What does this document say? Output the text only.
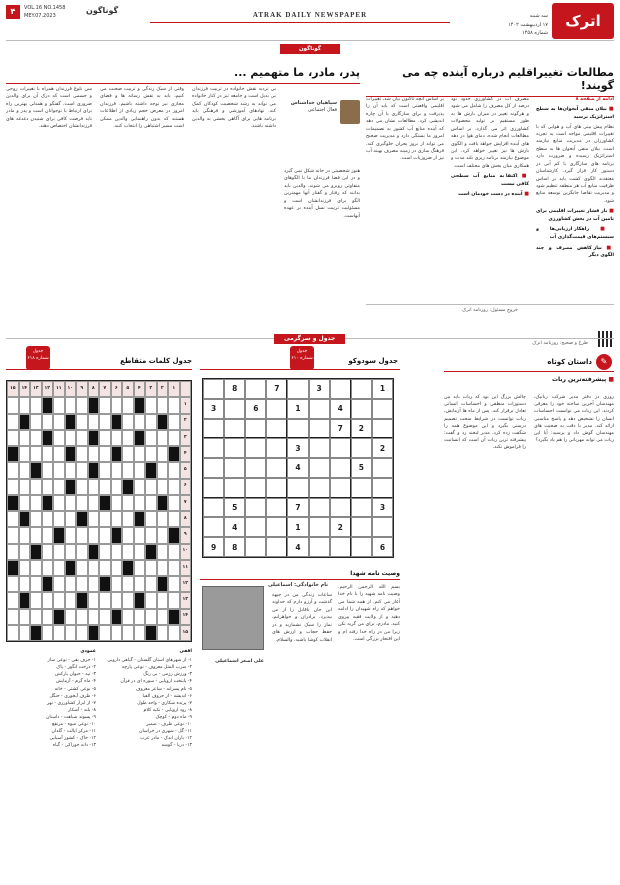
اترک
سه شنبه
۱۷ اردیبهشت ۱۴۰۲
شماره ۱۴۵۸
ATRAK DAILY NEWSPAPER
۴	VOL.16 NO.1458
MEY.07.2023
گوناگون
گوناگون
مطالعات تغییراقلیم درباره آینده چه می گویند!
ادامه از صفحه ۸
■ بیلان منفی آبخوان‌ها به سطح استراتژیک نرسید
نظام پیش بینی های آب و هوایی که با تغییرات اقلیمی مواجه است به تجربه کشاورزان در مدیریت منابع نیازمند است. بیلان منفی آبخوان ها به سطح استراتژیک رسیده و ضرورت دارد برنامه های سازگاری با کم آبی در دستور کار قرار گیرد. کارشناسان معتقدند الگوی کشت باید بر اساس ظرفیت منابع آب هر منطقه تنظیم شود و مدیریت تقاضا جایگزین توسعه منابع شود.
■ بار فشار تغییرات اقلیمی برای تامین آب در بخش کشاورزی
■ راهکار ارزیابی‌ها و سیستم‌های قیمت‌گذاری آب
■ نیاز کاهش مصرف و چند الگوی دیگر
مصرف آب در کشاورزی حدود نود درصد از کل مصرف را شامل می شود و هرگونه تغییر در میزان بارش ها به طور مستقیم بر تولید محصولات کشاورزی اثر می گذارد. بر اساس مطالعات انجام شده، دمای هوا در دهه های آینده افزایش خواهد یافت و الگوی بارش ها نیز تغییر خواهد کرد. این موضوع نیازمند برنامه ریزی بلند مدت و همکاری میان بخش های مختلف است.
■ اکتفا به منابع آب سطحی کافی نیست
■ آینده در دست خودمان است
بر اساس آنچه تاکنون بیان شد، تغییرات اقلیمی واقعیتی است که باید آن را پذیرفت و برای سازگاری با آن چاره اندیشی کرد. مطالعات نشان می دهد که آینده منابع آب کشور به تصمیمات امروز ما بستگی دارد و مدیریت صحیح می تواند از بروز بحران جلوگیری کند. فرهنگ سازی در زمینه مصرف بهینه آب نیز از ضروریات است.
خروج مسئول: روزنامه اترک
پدر، مادر، ما متهمیم ...
سپاهیان خداشناس
فعال اجتماعی
هنوز شخصیتی در خانه شکل نمی گیرد و در این فضا فرزندان ما با الگوهای متفاوتی روبرو می شوند. والدین باید بدانند که رفتار و گفتار آنها مهمترین الگو برای فرزندانشان است و مسئولیت تربیت نسل آینده بر عهده آنهاست.
بی تردید نقش خانواده در تربیت فرزندان بی بدیل است و جامعه نیز در کنار خانواده می تواند به رشد شخصیت کودکان کمک کند. نهادهای آموزشی و فرهنگی باید برنامه هایی برای آگاهی بخشی به والدین داشته باشند.
وقتی از سبک زندگی و تربیت صحبت می کنیم، باید به نقش رسانه ها و فضای مجازی نیز توجه داشته باشیم. فرزندان امروز در معرض حجم زیادی از اطلاعات هستند که بدون راهنمایی والدین ممکن است مسیر اشتباهی را انتخاب کنند.
سن بلوغ فرزندان همراه با تغییرات روحی و جسمی است که درک آن برای والدین ضروری است. گفتگو و همدلی بهترین راه برای ارتباط با نوجوانان است و پدر و مادر باید فرصت کافی برای شنیدن دغدغه های فرزندانشان اختصاص دهند.
جدول و سرگرمی
طرح و صحیح: روزنامه اترک
✎
داستان کوتاه
■ پیشرفته‌ترین ربات
روزی در دفتر مدیر شرکت رباتیک، مهندسان آخرین ساخته خود را معرفی کردند. این ربات می توانست احساسات انسان را تشخیص دهد و پاسخ مناسبی ارائه کند. مدیر با دقت به صحبت های مهندسان گوش داد و پرسید: آیا این ربات می تواند مهربانی را هم یاد بگیرد؟
چالش بزرگ این بود که ربات باید بین دستورات منطقی و احساسات انسانی تعادل برقرار کند. پس از ماه ها آزمایش، ربات توانست در شرایط سخت تصمیم درستی بگیرد و این موضوع همه را شگفت زده کرد. مدیر لبخند زد و گفت: پیشرفته ترین ربات آن است که انسانیت را فراموش نکند.
جدول سودوکو
جدول
شماره ۶۱۰
1
3
7
8
4
1
6
3
2
7
2
3
5
4
3
7
5
2
1
4
6
4
8
9
وصیت نامه شهدا
نام خانوادگی: اسماعیلی بسم الله الرحمن الرحیم. وصیت نامه شهید را با نام خدا آغاز می کنم. از همه شما می خواهم که راه شهیدان را ادامه دهید و از ولایت فقیه پیروی کنید. مادرم، برای من گریه نکن زیرا من در راه خدا رفته ام و این افتخار بزرگی است.
ساعات زندگی من در جبهه گذشت و آرزو دارم که خداوند این جان ناقابل را از من بپذیرد. برادران و خواهرانم، نماز را سبک نشمارید و در حفظ حجاب و ارزش های انقلاب کوشا باشید. والسلام.
علی اصغر اسماعیلی
جدول کلمات متقاطع
جدول
شماره ۶۱۸
۱
۲
۳
۴
۵
۶
۷
۸
۹
۱۰
۱۱
۱۲
۱۳
۱۴
۱۵
۱
۲
۳
۴
۵
۶
۷
۸
۹
۱۰
۱۱
۱۲
۱۳
۱۴
۱۵
افقی
۱- از شهرهای استان گلستان - گیاهی دارویی
۲- ضرب المثل معروف - نوعی پارچه
۳- ورزش رزمی - بی رنگ
۴- پایتخت اروپایی - سوره ای در قرآن
۵- نام پسرانه - شاعر معروف
۶- اندیشه - از حروف الفبا
۷- پرنده شکاری - واحد طول
۸- رود اروپایی - تکیه کلام
۹- ماه دوم - کوچک
۱۰- نوعی ظرف - ضمیر
۱۱- گل - شهری در خراسان
۱۲- باران اندک - مادر عرب
۱۳- دریا - گوشه
عمودی
۱- حرف نفی - نوعی ساز
۲- درخت انگور - پاک
۳- تپه - حیوان بارکش
۴- ماه گرم - آزمایش
۵- نوعی کشتی - خانه
۶- ظرف آبخوری - جنگل
۷- از ابزار کشاورزی - نهر
۸- بلند - آشکار
۹- پسوند شباهت - داستان
۱۰- نوعی میوه - مرتفع
۱۱- مرکز ایالت - گلدان
۱۲- خاک - کشور آسیایی
۱۳- دانه خوراکی - گیاه
